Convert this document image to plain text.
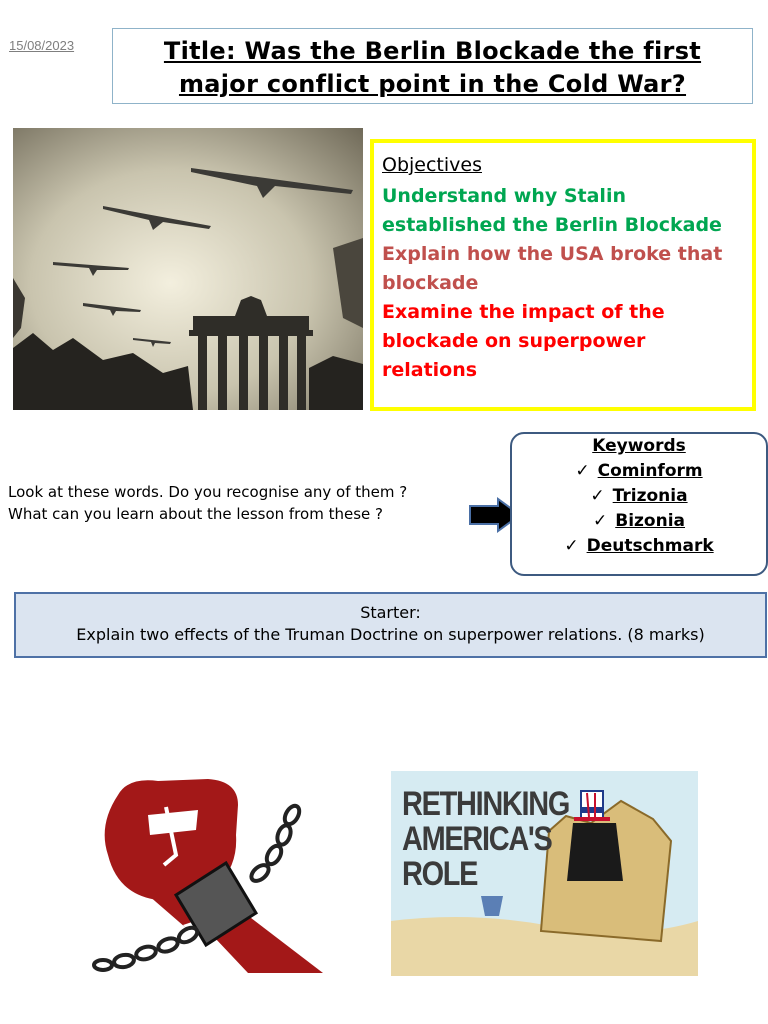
15/08/2023	Title: Was the Berlin Blockade the first
major conflict point in the Cold War?
Objectives
Understand why Stalin established the Berlin Blockade
Explain how the USA broke that blockade
Examine the impact of the blockade on superpower relations
Look at these words. Do you recognise any of them ?
What can you learn about the lesson from these ?
Keywords
✓ Cominform
✓ Trizonia
✓ Bizonia
✓ Deutschmark
Starter:
Explain two effects of the Truman Doctrine on superpower relations. (8 marks)
RETHINKING
AMERICA'S
ROLE
